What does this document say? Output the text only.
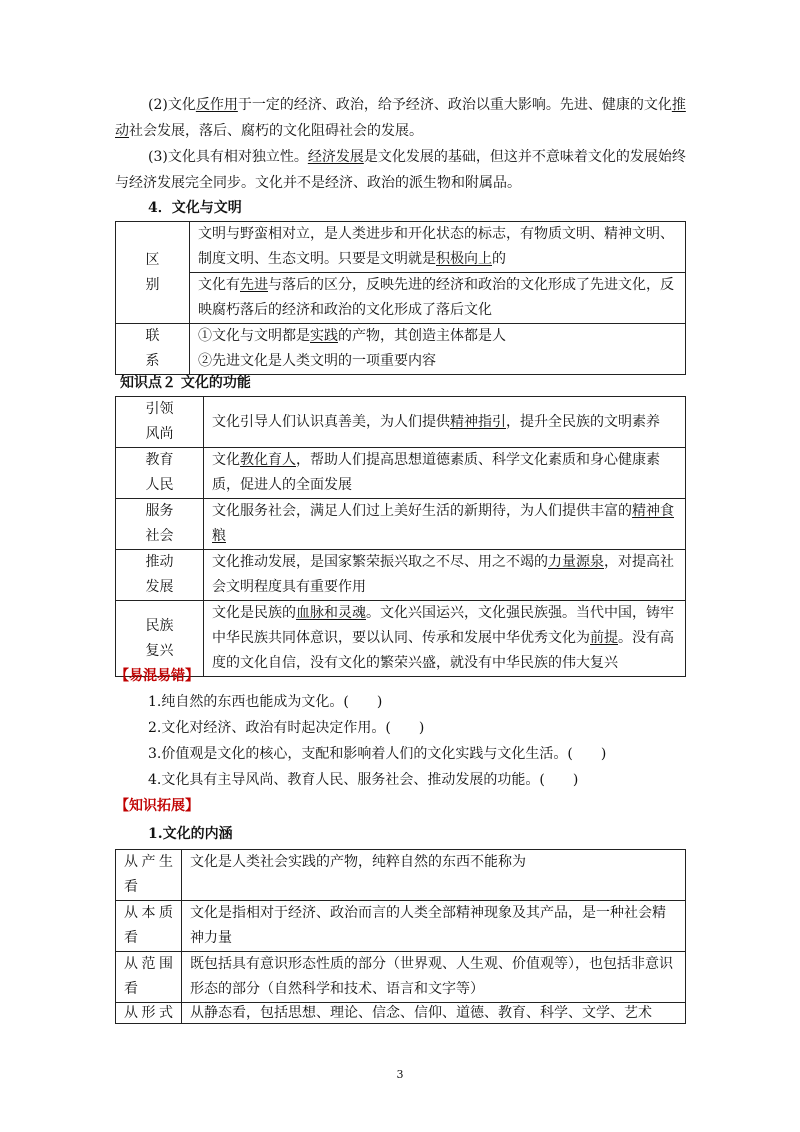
(2)文化反作用于一定的经济、政治，给予经济、政治以重大影响。先进、健康的文化推动社会发展，落后、腐朽的文化阻碍社会的发展。

(3)文化具有相对独立性。经济发展是文化发展的基础，但这并不意味着文化的发展始终与经济发展完全同步。文化并不是经济、政治的派生物和附属品。

4．文化与文明

区别	文明与野蛮相对立，是人类进步和开化状态的标志，有物质文明、精神文明、制度文明、生态文明。只要是文明就是积极向上的
	文化有先进与落后的区分，反映先进的经济和政治的文化形成了先进文化，反映腐朽落后的经济和政治的文化形成了落后文化
联系	①文化与文明都是实践的产物，其创造主体都是人
②先进文化是人类文明的一项重要内容

知识点２ 文化的功能

引领风尚	文化引导人们认识真善美，为人们提供精神指引，提升全民族的文明素养
教育人民	文化教化育人，帮助人们提高思想道德素质、科学文化素质和身心健康素质，促进人的全面发展
服务社会	文化服务社会，满足人们过上美好生活的新期待，为人们提供丰富的精神食粮
推动发展	文化推动发展，是国家繁荣振兴取之不尽、用之不竭的力量源泉，对提高社会文明程度具有重要作用
民族复兴	文化是民族的血脉和灵魂。文化兴国运兴，文化强民族强。当代中国，铸牢中华民族共同体意识，要以认同、传承和发展中华优秀文化为前提。没有高度的文化自信，没有文化的繁荣兴盛，就没有中华民族的伟大复兴

【易混易错】

1.纯自然的东西也能成为文化。(　　)

2.文化对经济、政治有时起决定作用。(　　)

3.价值观是文化的核心，支配和影响着人们的文化实践与文化生活。(　　)

4.文化具有主导风尚、教育人民、服务社会、推动发展的功能。(　　)

【知识拓展】

1.文化的内涵

从产生看	文化是人类社会实践的产物，纯粹自然的东西不能称为
从本质看	文化是指相对于经济、政治而言的人类全部精神现象及其产品，是一种社会精神力量
从范围看	既包括具有意识形态性质的部分（世界观、人生观、价值观等），也包括非意识形态的部分（自然科学和技术、语言和文字等）
从形式	从静态看，包括思想、理论、信念、信仰、道德、教育、科学、文学、艺术
3
